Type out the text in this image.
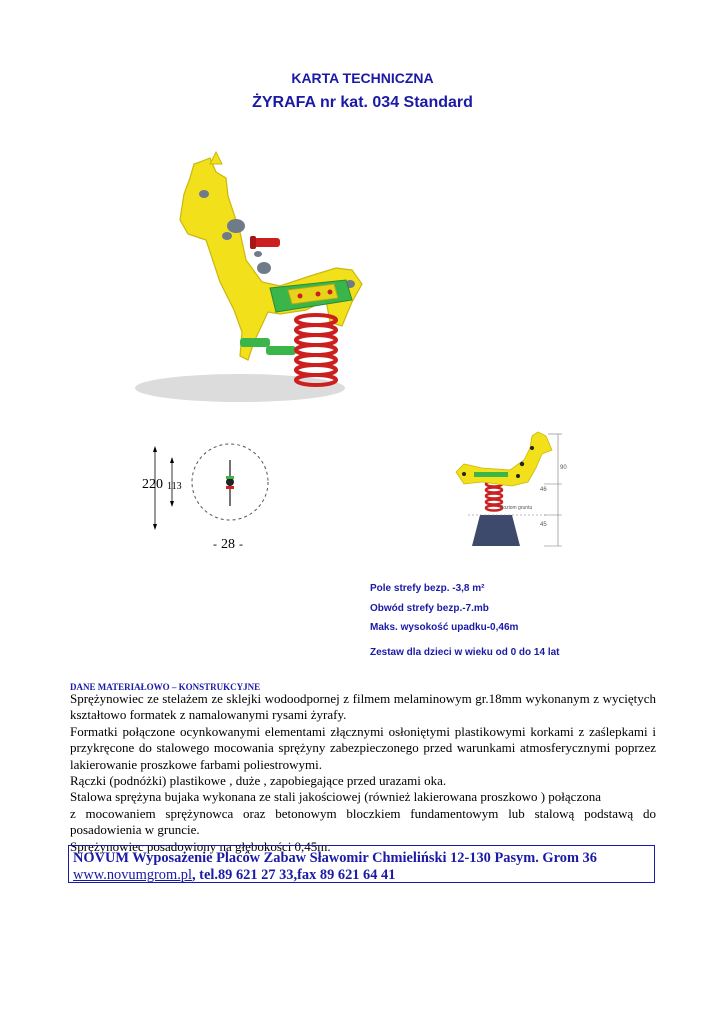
KARTA TECHNICZNA
ŻYRAFA nr kat. 034 Standard
220 113
- 28 -
90
46
45
Poziom gruntu
Pole strefy bezp. -3,8 m²
Obwód strefy bezp.-7.mb
Maks. wysokość upadku-0,46m
Zestaw dla dzieci w wieku od 0 do 14 lat
DANE MATERIAŁOWO – KONSTRUKCYJNE

Sprężynowiec ze stelażem ze sklejki wodoodpornej z filmem melaminowym gr.18mm wykonanym z wyciętych kształtowo formatek z namalowanymi rysami żyrafy.

Formatki połączone ocynkowanymi elementami złącznymi osłoniętymi plastikowymi korkami z zaślepkami i przykręcone do stalowego mocowania sprężyny zabezpieczonego przed warunkami atmosferycznymi poprzez lakierowanie proszkowe farbami poliestrowymi.

Rączki (podnóżki) plastikowe , duże , zapobiegające przed urazami oka.

Stalowa sprężyna bujaka wykonana ze stali jakościowej (również lakierowana proszkowo ) połączona

z mocowaniem sprężynowca oraz betonowym bloczkiem fundamentowym lub stalową podstawą do posadowienia w gruncie.

Sprężynowiec posadowiony na głębokości 0,45m.

NOVUM Wyposażenie Placów Zabaw Sławomir Chmieliński 12-130 Pasym. Grom 36
www.novumgrom.pl, tel.89 621 27 33,fax 89 621 64 41
